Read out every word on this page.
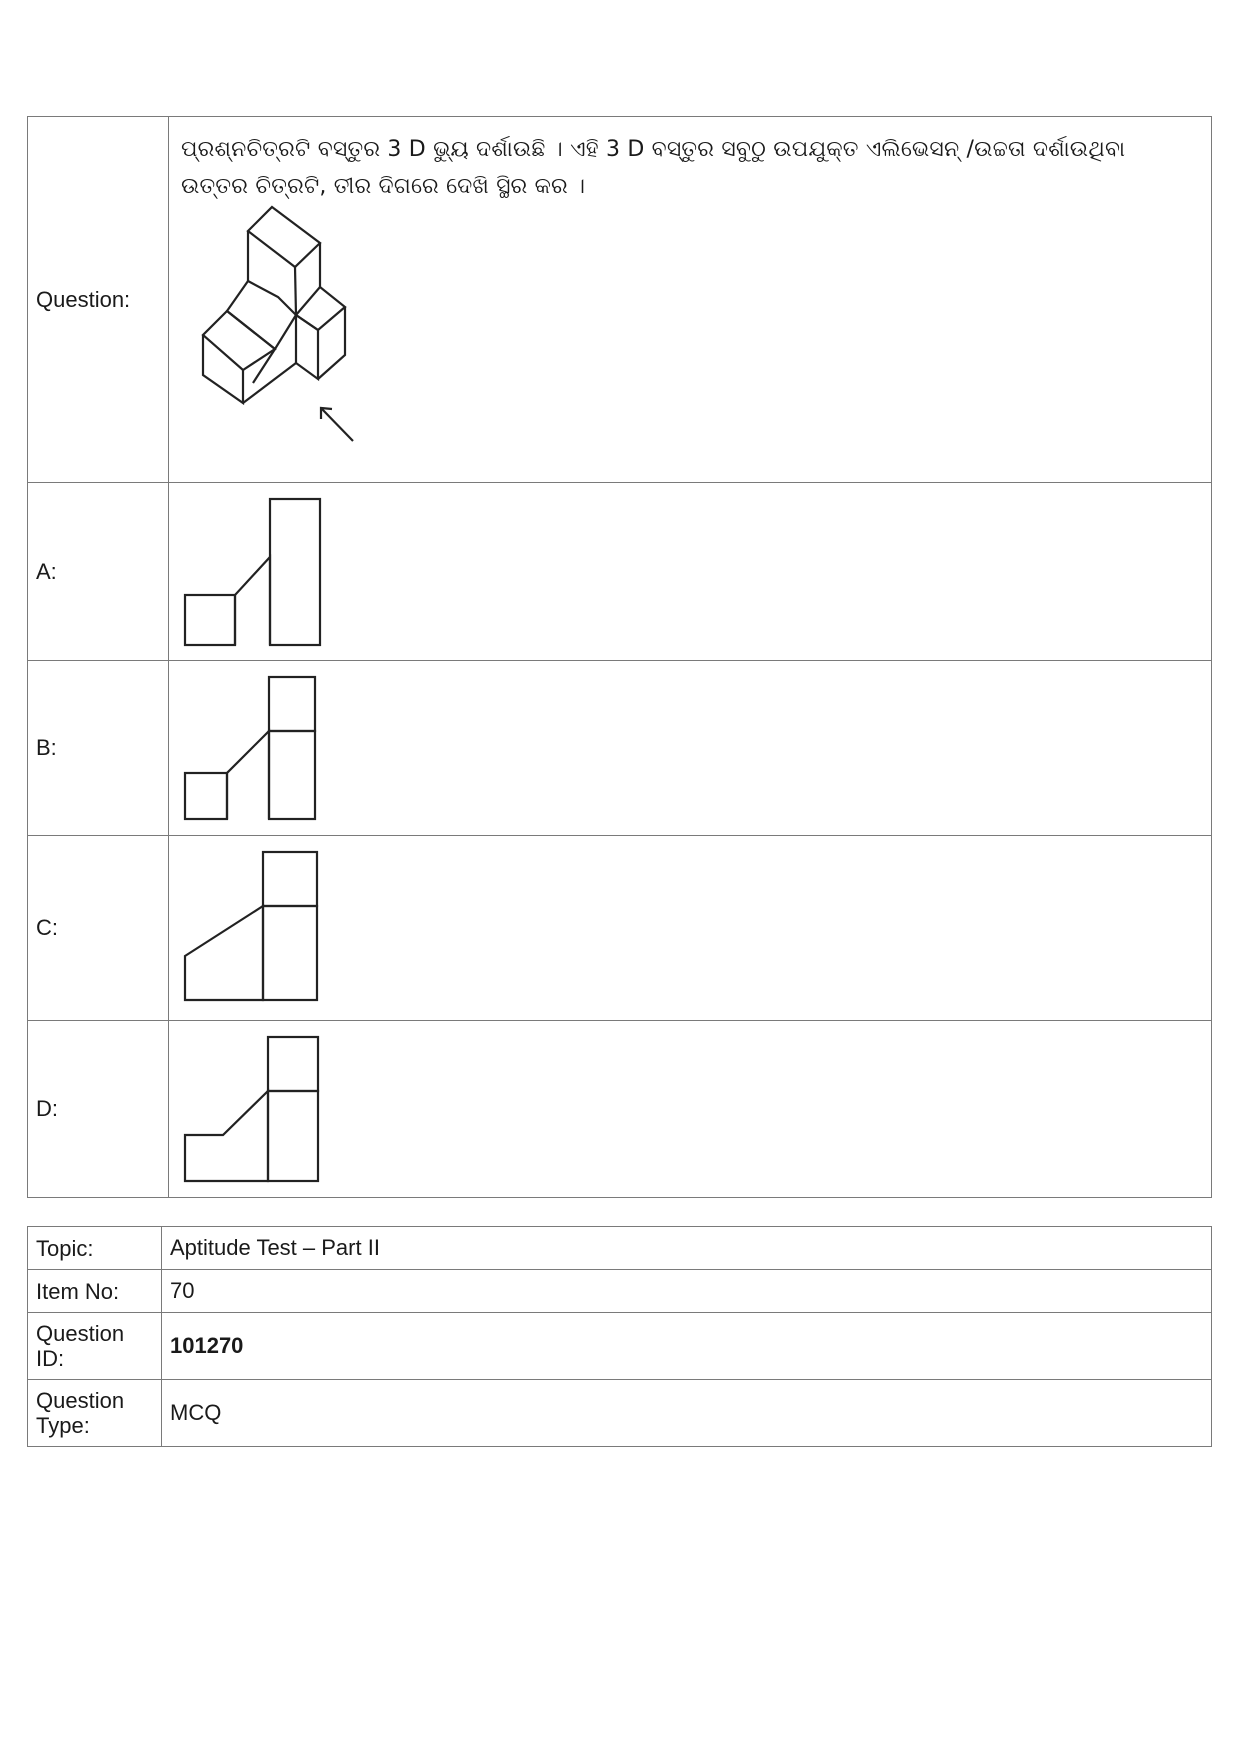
Question:	ପ୍ରଶ୍ନଚିତ୍ରଟି ବସ୍ତୁର 3 D ଭ୍ୟୁ ଦର୍ଶାଉଛି । ଏହି 3 D ବସ୍ତୁର ସବୁଠୁ ଉପଯୁକ୍ତ ଏଲିଭେସନ୍ /ଉଚ୍ଚତା ଦର୍ଶାଉଥିବା ଉତ୍ତର ଚିତ୍ରଟି, ତୀର ଦିଗରେ ଦେଖି ସ୍ଥିର କର ।

A:	

B:	

C:	

D:	
Topic:	Aptitude Test – Part II
Item No:	70
Question ID:	101270
Question Type:	MCQ
